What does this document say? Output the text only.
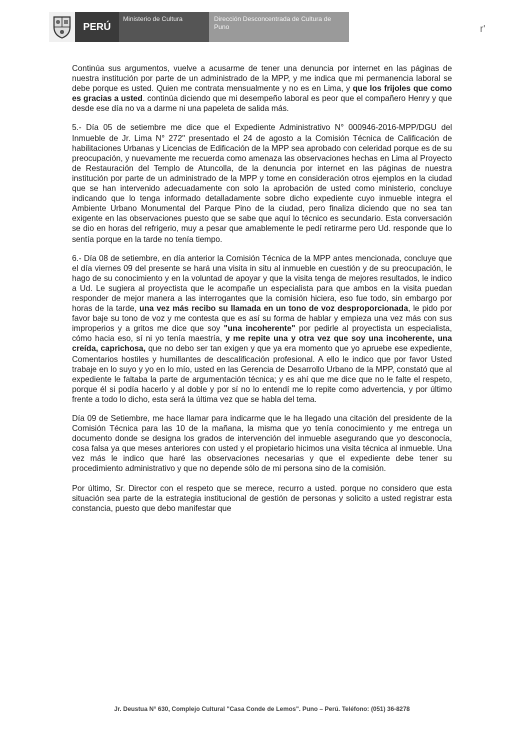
PERÚ
Ministerio de Cultura	Dirección Desconcentrada de Cultura de Puno	r'

Continúa sus argumentos, vuelve a acusarme de tener una denuncia por internet en las páginas de nuestra institución por parte de un administrado de la MPP, y me indica que mi permanencia laboral se debe porque es usted. Quien me contrata mensualmente y no es en Lima, y que los frijoles que como es gracias a usted. continúa diciendo que mi desempeño laboral es peor que el compañero Henry y que desde ese día no va a darme ni una papeleta de salida más.

5.- Día 05 de setiembre me dice que el Expediente Administrativo N° 000946-2016-MPP/DGU del Inmueble de Jr. Lima N° 272" presentado el 24 de agosto a la Comisión Técnica de Calificación de habilitaciones Urbanas y Licencias de Edificación de la MPP sea aprobado con celeridad porque es de su preocupación, y nuevamente me recuerda como amenaza las observaciones hechas en Lima al Proyecto de Restauración del Templo de Atuncolla, de la denuncia por internet en las páginas de nuestra institución por parte de un administrado de la MPP y tome en consideración otros ejemplos en la ciudad que se han intervenido adecuadamente con solo la aprobación de usted como ministerio, concluye indicando que lo tenga informado detalladamente sobre dicho expediente cuyo inmueble integra el Ambiente Urbano Monumental del Parque Pino de la ciudad, pero finaliza diciendo que no sea tan exigente en las observaciones puesto que se sabe que aquí lo técnico es secundario. Esta conversación se dio en horas del refrigerio, muy a pesar que amablemente le pedí retirarme pero Ud. responde que lo sentía porque en la tarde no tenía tiempo.

6.- Día 08 de setiembre, en día anterior la Comisión Técnica de la MPP antes mencionada, concluye que el día viernes 09 del presente se hará una visita in situ al inmueble en cuestión y de su preocupación, le hago de su conocimiento y en la voluntad de apoyar y que la visita tenga de mejores resultados, le indico a Ud. Le sugiera al proyectista que le acompañe un especialista para que ambos en la visita puedan responder de mejor manera a las interrogantes que la comisión hiciera, eso fue todo, sin embargo por horas de la tarde, una vez más recibo su llamada en un tono de voz desproporcionada, le pido por favor baje su tono de voz y me contesta que es así su forma de hablar y empieza una vez más con sus improperios y a gritos me dice que soy "una incoherente" por pedirle al proyectista un especialista, cómo hacia eso, sí ni yo tenía maestría, y me repite una y otra vez que soy una incoherente, una creída, caprichosa, que no debo ser tan exigen y que ya era momento que yo apruebe ese expediente, Comentarios hostiles y humillantes de descalificación profesional. A ello le indico que por favor Usted trabaje en lo suyo y yo en lo mío, usted en las Gerencia de Desarrollo Urbano de la MPP, constató que al expediente le faltaba la parte de argumentación técnica; y es ahí que me dice que no le falte el respeto, porque él si podía hacerlo y al doble y por sí no lo entendí me lo repite como advertencia, y por último frente a todo lo dicho, esta será la última vez que se habla del tema.

Día 09 de Setiembre, me hace llamar para indicarme que le ha llegado una citación del presidente de la Comisión Técnica para las 10 de la mañana, la misma que yo tenía conocimiento y me entrega un documento donde se designa los grados de intervención del inmueble asegurando que yo desconocía, cosa falsa ya que meses anteriores con usted y el propietario hicimos una visita técnica al inmueble. Una vez más le indico que haré las observaciones necesarias y que el expediente debe tener su procedimiento administrativo y que no depende sólo de mi persona sino de la comisión.

Por último, Sr. Director con el respeto que se merece, recurro a usted. porque no considero que esta situación sea parte de la estrategia institucional de gestión de personas y solicito a usted registrar esta constancia, puesto que debo manifestar que

Jr. Deustua N° 630, Complejo Cultural "Casa Conde de Lemos". Puno – Perú. Teléfono: (051) 36-8278
